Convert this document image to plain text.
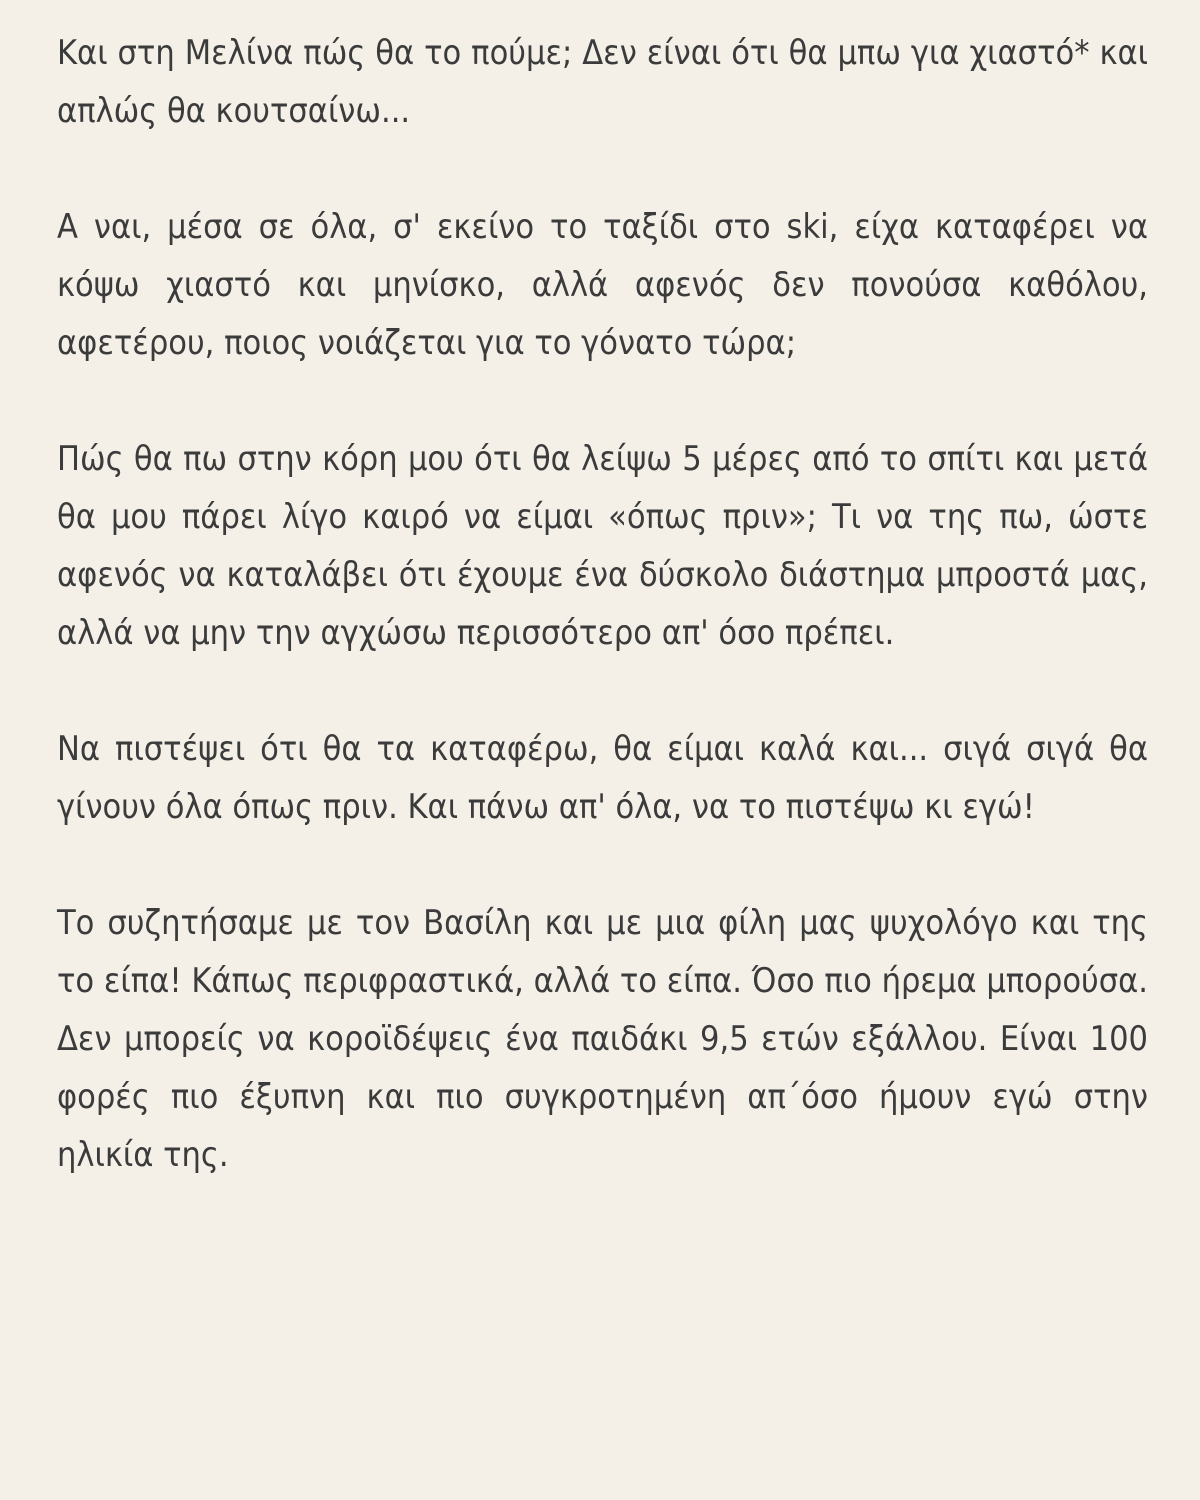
Και στη Μελίνα πώς θα το πούμε; Δεν είναι ότι θα μπω για χιαστό* και απλώς θα κουτσαίνω...

Α ναι, μέσα σε όλα, σ' εκείνο το ταξίδι στο ski, είχα καταφέρει να κόψω χιαστό και μηνίσκο, αλλά αφενός δεν πονούσα καθόλου, αφετέρου, ποιος νοιάζεται για το γόνατο τώρα;

Πώς θα πω στην κόρη μου ότι θα λείψω 5 μέρες από το σπίτι και μετά θα μου πάρει λίγο καιρό να είμαι «όπως πριν»; Τι να της πω, ώστε αφενός να καταλάβει ότι έχουμε ένα δύσκολο διάστημα μπροστά μας, αλλά να μην την αγχώσω περισσότερο απ' όσο πρέπει.

Να πιστέψει ότι θα τα καταφέρω, θα είμαι καλά και... σιγά σιγά θα γίνουν όλα όπως πριν. Και πάνω απ' όλα, να το πιστέψω κι εγώ!

Το συζητήσαμε με τον Βασίλη και με μια φίλη μας ψυχολόγο και της το είπα! Κάπως περιφραστικά, αλλά το είπα. Όσο πιο ήρεμα μπορούσα. Δεν μπορείς να κοροϊδέψεις ένα παιδάκι 9,5 ετών εξάλλου. Είναι 100 φορές πιο έξυπνη και πιο συγκροτημένη απ΄όσο ήμουν εγώ στην ηλικία της.
